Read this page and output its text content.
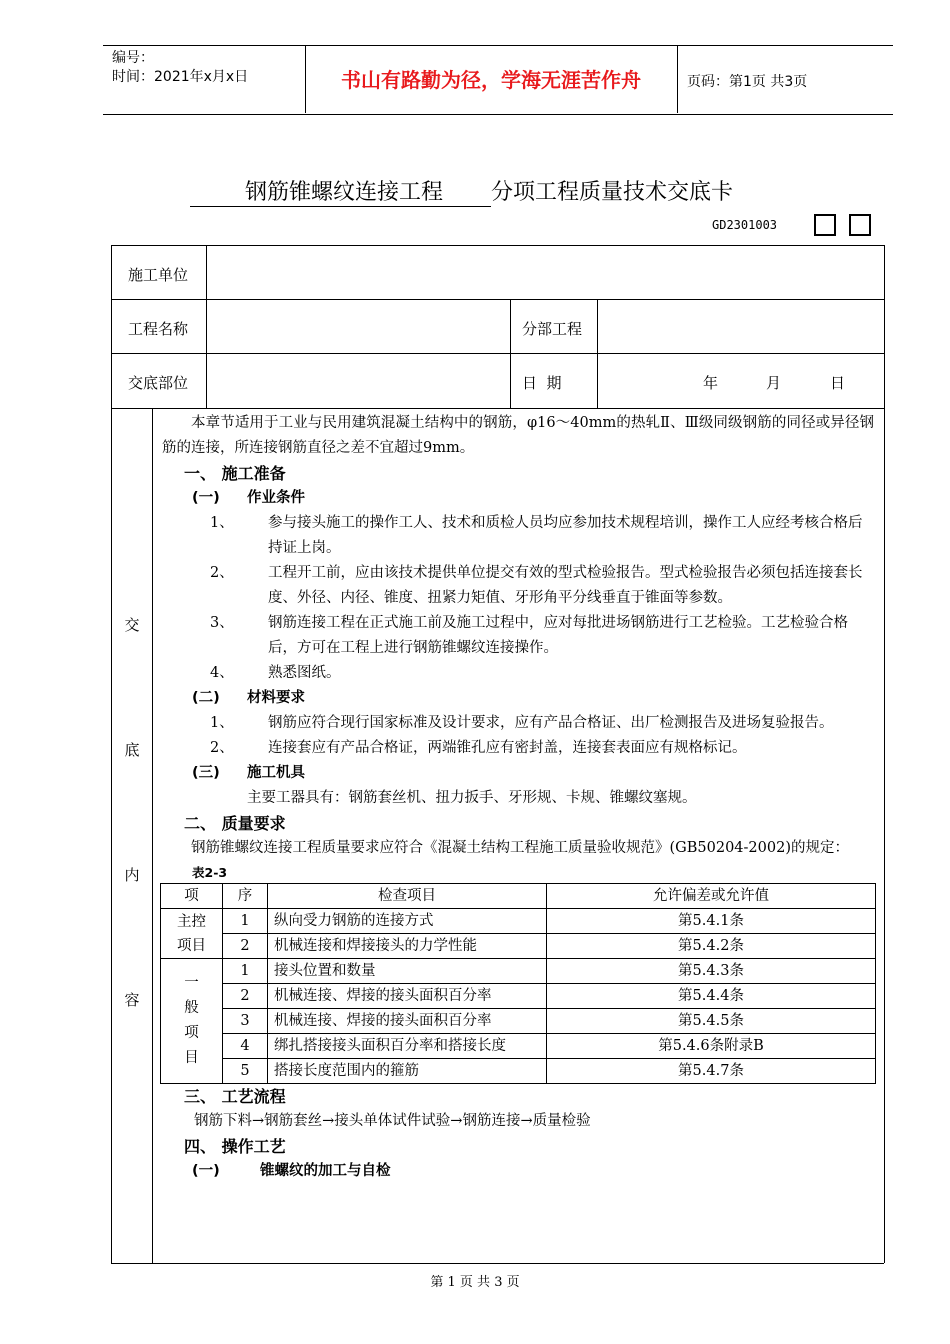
编号：
时间：2021年x月x日	书山有路勤为径，学海无涯苦作舟	页码：第1页 共3页
钢筋锥螺纹连接工程 分项工程质量技术交底卡
GD2301003
施工单位
工程名称	分部工程
交底部位	日  期	年	月	日
交
底
内
容

本章节适用于工业与民用建筑混凝土结构中的钢筋，φ16～40mm的热轧Ⅱ、Ⅲ级同级钢筋的同径或异径钢筋的连接，所连接钢筋直径之差不宜超过9mm。

一、 施工准备

(一) 作业条件

1、	参与接头施工的操作工人、技术和质检人员均应参加技术规程培训，操作工人应经考核合格后持证上岗。
2、	工程开工前，应由该技术提供单位提交有效的型式检验报告。型式检验报告必须包括连接套长度、外径、内径、锥度、扭紧力矩值、牙形角平分线垂直于锥面等参数。
3、	钢筋连接工程在正式施工前及施工过程中，应对每批进场钢筋进行工艺检验。工艺检验合格后，方可在工程上进行钢筋锥螺纹连接操作。
4、	熟悉图纸。

(二) 材料要求

1、	钢筋应符合现行国家标准及设计要求，应有产品合格证、出厂检测报告及进场复验报告。
2、	连接套应有产品合格证，两端锥孔应有密封盖，连接套表面应有规格标记。

(三) 施工机具

主要工器具有：钢筋套丝机、扭力扳手、牙形规、卡规、锥螺纹塞规。

二、 质量要求

钢筋锥螺纹连接工程质量要求应符合《混凝土结构工程施工质量验收规范》(GB50204-2002)的规定：

表2-3
项	序	检查项目	允许偏差或允许值

主控
项目	1	纵向受力钢筋的连接方式	第5.4.1条
	2	机械连接和焊接接头的力学性能	第5.4.2条

一
般
项
目	1	接头位置和数量	第5.4.3条
	2	机械连接、焊接的接头面积百分率	第5.4.4条
	3	机械连接、焊接的接头面积百分率	第5.4.5条
	4	绑扎搭接接头面积百分率和搭接长度	第5.4.6条附录B
	5	搭接长度范围内的箍筋	第5.4.7条

三、 工艺流程

钢筋下料→钢筋套丝→接头单体试件试验→钢筋连接→质量检验

四、 操作工艺

(一)	锥螺纹的加工与自检

第 1 页 共 3 页
